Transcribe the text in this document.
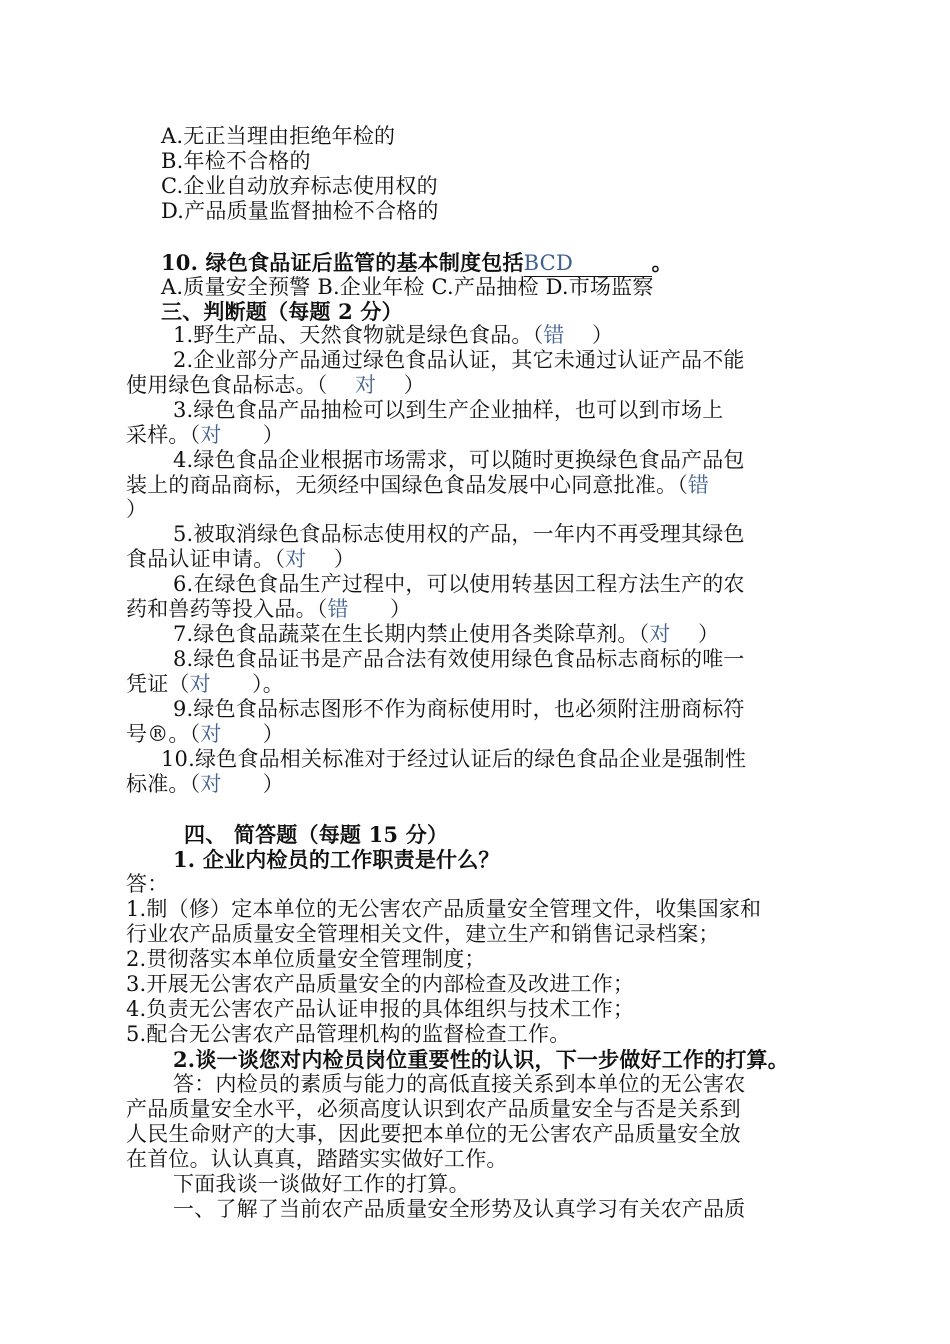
A.无正当理由拒绝年检的
B.年检不合格的
C.企业自动放弃标志使用权的
D.产品质量监督抽检不合格的
10. 绿色食品证后监管的基本制度包括BCD	。
A.质量安全预警 B.企业年检 C.产品抽检 D.市场监察
三、判断题（每题 2 分）
1.野生产品、天然食物就是绿色食品。（错    ）
2.企业部分产品通过绿色食品认证，其它未通过认证产品不能
使用绿色食品标志。（    对    ）
3.绿色食品产品抽检可以到生产企业抽样，也可以到市场上
采样。（对      ）
4.绿色食品企业根据市场需求，可以随时更换绿色食品产品包
装上的商品商标，无须经中国绿色食品发展中心同意批准。（错
）
5.被取消绿色食品标志使用权的产品，一年内不再受理其绿色
食品认证申请。（对    ）
6.在绿色食品生产过程中，可以使用转基因工程方法生产的农
药和兽药等投入品。（错      ）
7.绿色食品蔬菜在生长期内禁止使用各类除草剂。（对    ）
8.绿色食品证书是产品合法有效使用绿色食品标志商标的唯一
凭证（对      ）。
9.绿色食品标志图形不作为商标使用时，也必须附注册商标符
号®。（对      ）
10.绿色食品相关标准对于经过认证后的绿色食品企业是强制性
标准。（对      ）
四、 简答题（每题 15 分）
1. 企业内检员的工作职责是什么？
答：
1.制（修）定本单位的无公害农产品质量安全管理文件，收集国家和
行业农产品质量安全管理相关文件，建立生产和销售记录档案；
2.贯彻落实本单位质量安全管理制度；
3.开展无公害农产品质量安全的内部检查及改进工作；
4.负责无公害农产品认证申报的具体组织与技术工作；
5.配合无公害农产品管理机构的监督检查工作。
2.谈一谈您对内检员岗位重要性的认识，下一步做好工作的打算。
答：内检员的素质与能力的高低直接关系到本单位的无公害农
产品质量安全水平，必须高度认识到农产品质量安全与否是关系到
人民生命财产的大事，因此要把本单位的无公害农产品质量安全放
在首位。认认真真，踏踏实实做好工作。
下面我谈一谈做好工作的打算。
一、了解了当前农产品质量安全形势及认真学习有关农产品质
